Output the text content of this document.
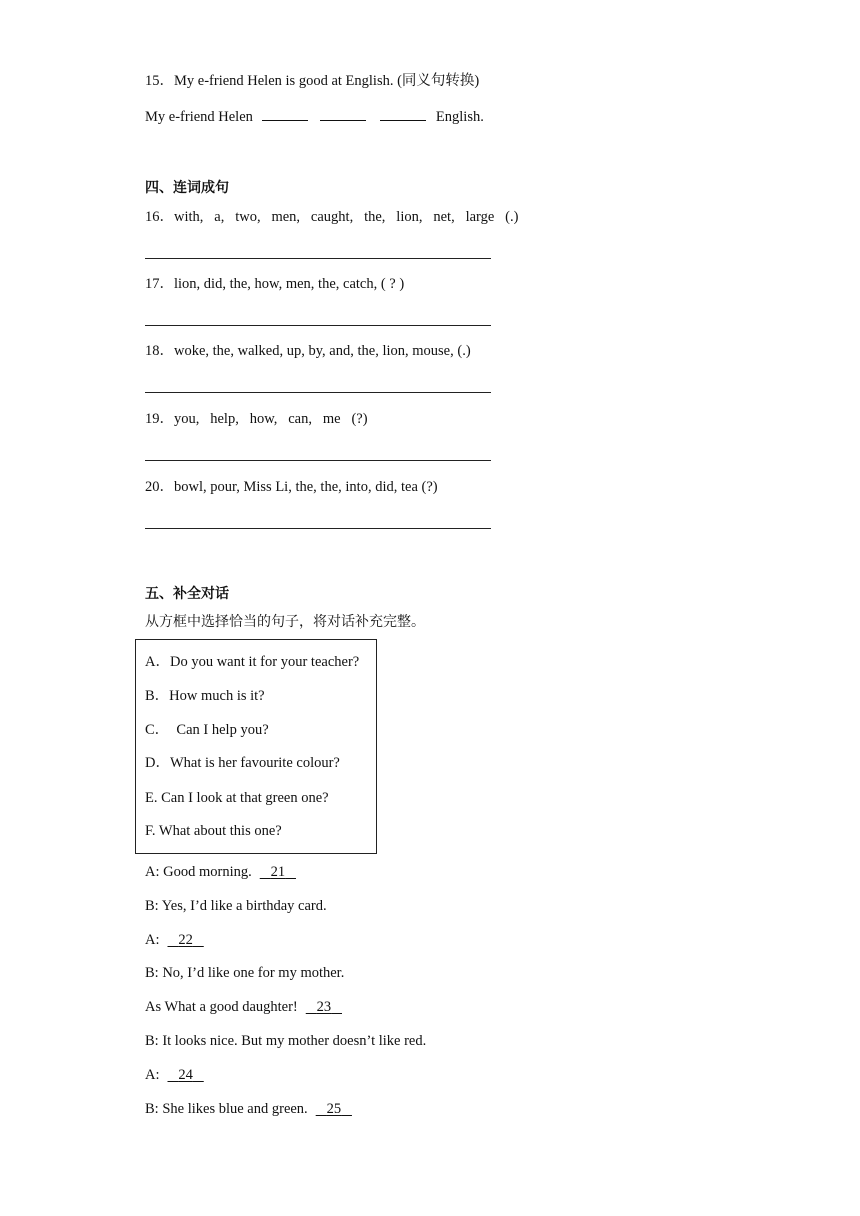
15．My e-friend Helen is good at English. (同义句转换)
My e-friend Helen	English.
四、连词成句
16．with,   a,   two,   men,   caught,   the,   lion,   net,   large   (.)
17．lion, did, the, how, men, the, catch, ( ? )
18．woke, the, walked, up, by, and, the, lion, mouse, (.)
19．you,   help,   how,   can,   me   (?)
20．bowl, pour, Miss Li, the, the, into, did, tea (?)
五、补全对话
从方框中选择恰当的句子，将对话补充完整。
A．Do you want it for your teacher?
B．How much is it?
C．  Can I help you?
D．What is her favourite colour?
E. Can I look at that green one?
F. What about this one?
A: Good morning. 21
B: Yes, I’d like a birthday card.
A: 22
B: No, I’d like one for my mother.
As What a good daughter! 23
B: It looks nice. But my mother doesn’t like red.
A: 24
B: She likes blue and green. 25
